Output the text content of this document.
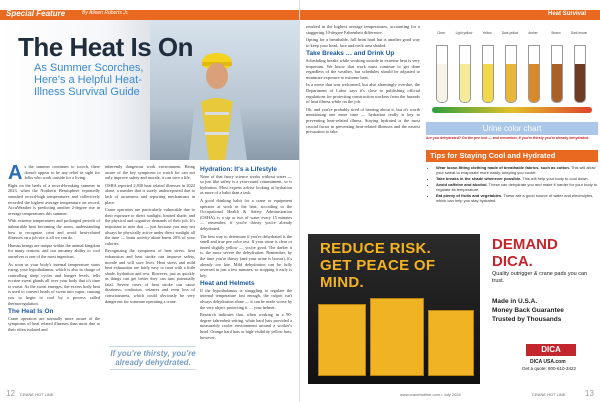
Special Feature	By Aileen Roberts Jr.
The Heat Is On
As Summer Scorches, Here's a Helpful Heat-Illness Survival Guide

As the summer continues to scorch, there doesn't appear to be any relief in sight for folks who work outside for a living.

Right on the heels of a record-breaking summer in 2023, when the Northern Hemisphere repeatedly smashed record-high temperatures and collectively recorded the highest average temperature on record, AccuWeather is predicting another 2-degree rise in average temperatures this summer.

With extreme temperatures and prolonged periods of unbearable heat becoming the norm, understanding how to recognize, treat and avoid heat-related illnesses on a job site is all we can do.

Human beings are unique within the animal kingdom for many reasons, and our uncanny ability to cool ourselves is one of the most ingenious.

As soon as your body's internal temperature starts rising, your hypothalamus, which is also in charge of controlling sleep cycles and hunger levels, tells eccrine sweat glands all over your body that it's time to sweat. As the sweat emerges, the excess body heat is used to convert beads of sweat into vapor, causing you to begin to cool by a process called thermoregulation.

The Heat Is On

Crane operators are normally more aware of the symptoms of heat related illnesses than most due to their often isolated and

inherently dangerous work environment. Being aware of the key symptoms to watch for can not only improve safety and morale, it can save a life.

OSHA reported 2,830 heat related illnesses in 2022 alone, a number that is surely underreported due to lack of awareness and reporting mechanisms in place.

Crane operators are particularly vulnerable due to their exposure to direct sunlight, limited shade, and the physical and cognitive demands of their job. It's important to note that — just because you may not always be physically active under direct sunlight all the time — brain activity alone burns 20% of your calories.

Recognizing the symptoms of heat stress, heat exhaustion and heat stroke can improve safety, morale and will save lives. Heat stress and mild heat exhaustion are fairly easy to treat with a little shade, hydration and rest. However, just as quickly as things can get better they can turn potentially fatal. Severe cases of heat stroke can cause dizziness, confusion, seizures and even loss of consciousness, which could obviously be very dangerous for someone operating a crane.

If you're thirsty, you're already dehydrated.
Hydration: It's a Lifestyle

None of that fancy science works without water — so just like safety is a year-round commitment, so is hydration. Most experts advise looking at hydration as more of a habit than a task.

A good drinking habit for a crane or equipment operator at work in the heat, according to the Occupational Health & Safety Administration (OSHA), is a sip or two of water every 15 minutes — remember, if you're thirsty you're already dehydrated.

The best way to determine if you're dehydrated is the smell and true pee color test. If your urine is clear or tinted slightly yellow — you're good. The darker it is, the more severe the dehydration. Remember, by the time you're thirsty (and your urine is brown), it's already too late. Mild dehydration can be fully reversed in just a few minutes, so stopping it early is key.

Heat and Helmets

If the hypothalamus is struggling to regulate the internal temperature fast enough, the culprit isn't always dehydration alone — it can be made worse by the very object protecting it … your helmet.

Research indicates that, when working in a 90-degree fahrenheit setting, white hard hats provided a measurably cooler environment around a worker's head. Orange hard hats or high-visibility yellow hats, however,

12 CRANE HOT LINE
Heat Survival

resulted in the highest average temperatures, accounting for a staggering 10-degree Fahrenheit difference.

Opting for a breathable, full brim hard hat is another good way to keep your head, face and neck area shaded.

Take Breaks … and Drink Up

Scheduling breaks while working outside in extreme heat is very important. We know that work must continue to get done regardless of the weather, but schedules should be adjusted to minimize exposure to extreme heat.

In a move that was welcomed, but also alarmingly overdue, the Department of Labor says it's close to publishing official regulations for protecting construction workers from the hazards of heat illness while on the job.

Oh, and you're probably tired of hearing about it, but it's worth mentioning one more time — hydration really is key to preventing heat-related illness. Staying hydrated is the most crucial factor in preventing heat-related illnesses and the easiest precaution to take.

Clear	Light yellow	Yellow	Dark yellow	Amber	Brown	Dark brown
Urine color chart
Are you dehydrated? On the pee test — and remember, if you're thirsty you're already dehydrated.
Tips for Staying Cool and Hydrated
• Wear loose-fitting clothing made of breathable fabrics, such as cotton. This will allow your sweat to evaporate more easily, keeping you cooler.
• Take breaks in the shade whenever possible. This will help your body to cool down.
• Avoid caffeine and alcohol. These can dehydrate you and make it harder for your body to regulate its temperature.
• Eat plenty of fruits and vegetables. These are a good source of water and electrolytes, which can help you stay hydrated.
REDUCE RISK.
GET PEACE OF MIND.
DEMAND DICA.
Quality outrigger & crane pads you can trust.
Made in U.S.A.
Money Back Guarantee
Trusted by Thousands
DICA
DICA USA.com
Get a quote: 800-610-3422
www.cranehotline.com • July 2024	CRANE HOT LINE 13
